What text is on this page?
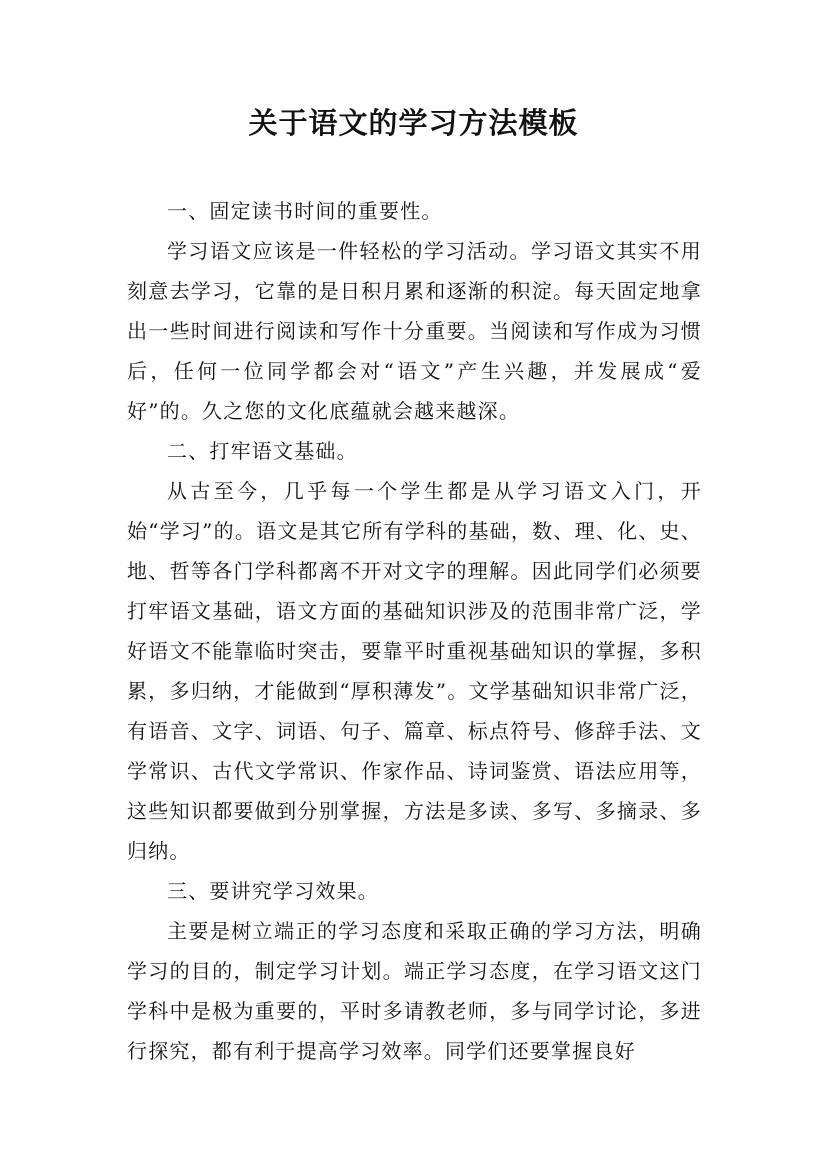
关于语文的学习方法模板

一、固定读书时间的重要性。

学习语文应该是一件轻松的学习活动。学习语文其实不用刻意去学习，它靠的是日积月累和逐渐的积淀。每天固定地拿出一些时间进行阅读和写作十分重要。当阅读和写作成为习惯后，任何一位同学都会对“语文”产生兴趣，并发展成“爱好”的。久之您的文化底蕴就会越来越深。

二、打牢语文基础。

从古至今，几乎每一个学生都是从学习语文入门，开始“学习”的。语文是其它所有学科的基础，数、理、化、史、地、哲等各门学科都离不开对文字的理解。因此同学们必须要打牢语文基础，语文方面的基础知识涉及的范围非常广泛，学好语文不能靠临时突击，要靠平时重视基础知识的掌握，多积累，多归纳，才能做到“厚积薄发”。文学基础知识非常广泛，有语音、文字、词语、句子、篇章、标点符号、修辞手法、文学常识、古代文学常识、作家作品、诗词鉴赏、语法应用等，这些知识都要做到分别掌握，方法是多读、多写、多摘录、多归纳。

三、要讲究学习效果。

主要是树立端正的学习态度和采取正确的学习方法，明确学习的目的，制定学习计划。端正学习态度，在学习语文这门学科中是极为重要的，平时多请教老师，多与同学讨论，多进行探究，都有利于提高学习效率。同学们还要掌握良好
